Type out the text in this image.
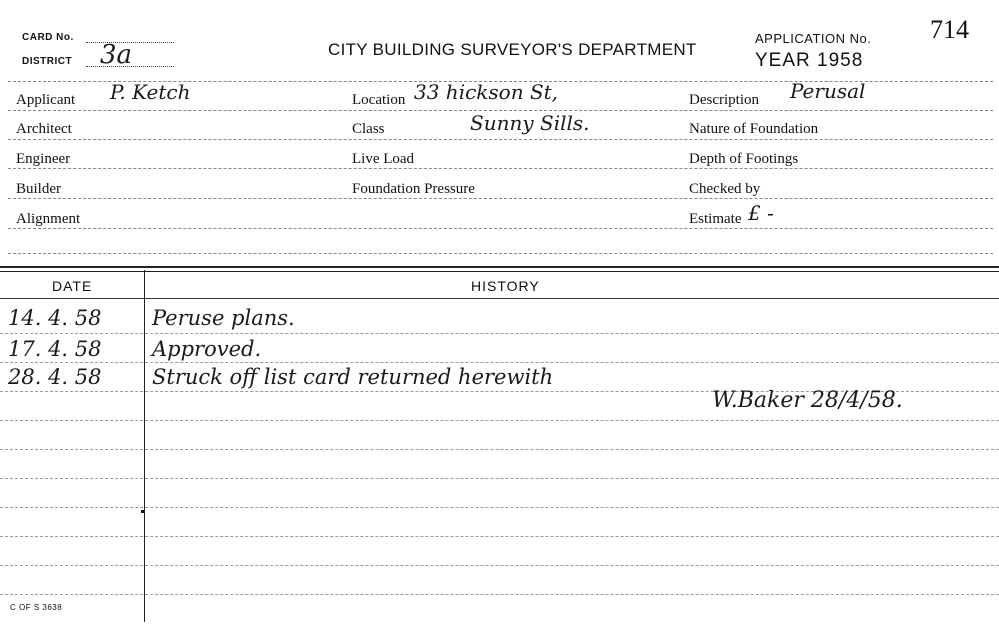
CARD No.
DISTRICT 3a	CITY BUILDING SURVEYOR'S DEPARTMENT
APPLICATION No.
YEAR 1958
714
Applicant P. Ketch
Architect
Engineer
Builder
Alignment
Location 33 hickson St,
Class	Sunny Sills.
Live Load
Foundation Pressure
Description Perusal
Nature of Foundation
Depth of Footings
Checked by
Estimate £ -
DATE	HISTORY
14. 4. 58	Peruse plans.
17. 4. 58	Approved.
28. 4. 58	Struck off list card returned herewith
W.Baker 28/4/58.
C OF S 3638
